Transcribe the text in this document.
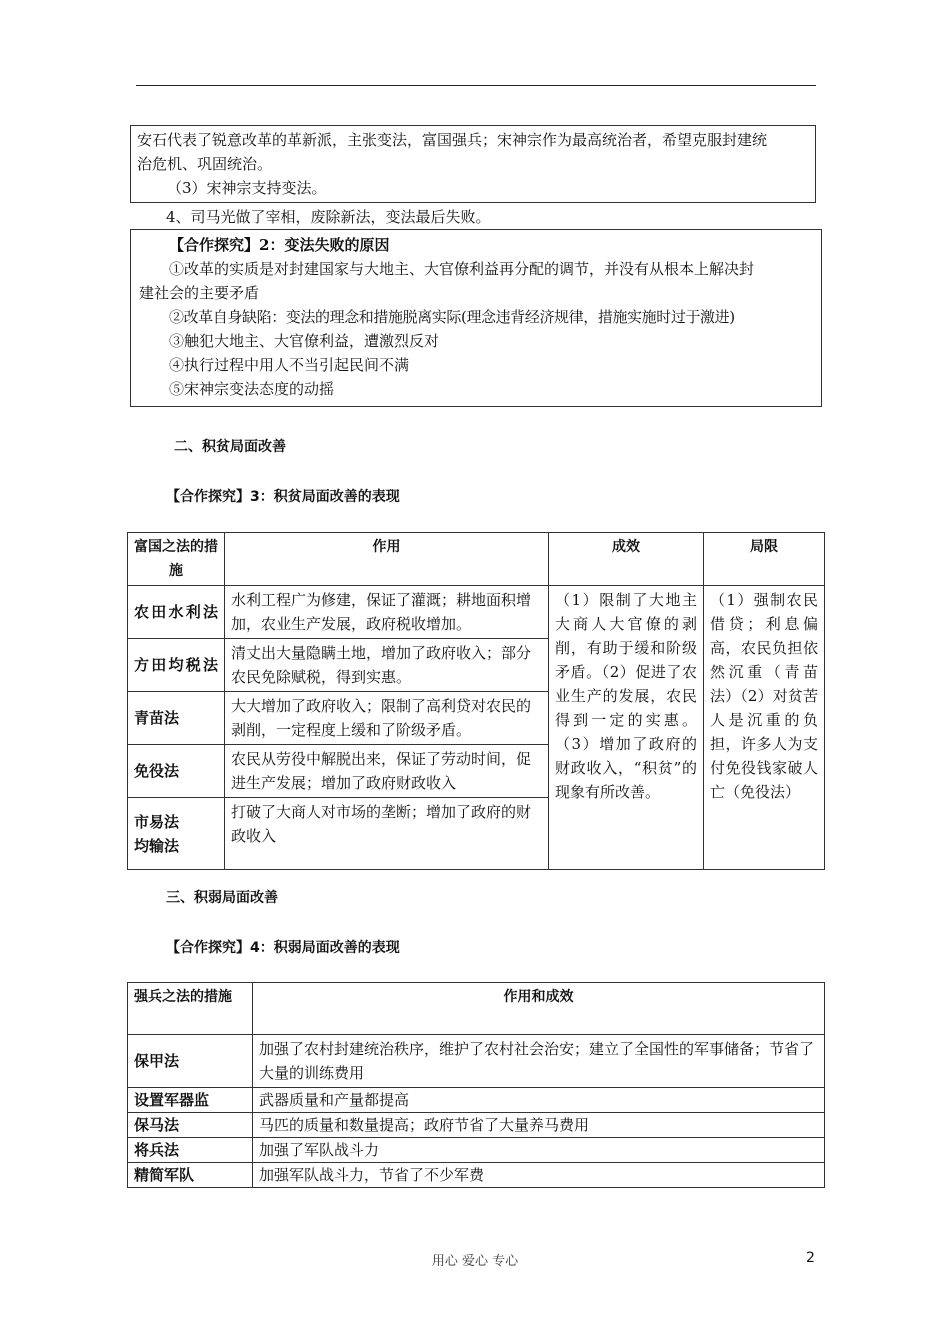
安石代表了锐意改革的革新派，主张变法，富国强兵；宋神宗作为最高统治者，希望克服封建统

治危机、巩固统治。

（3）宋神宗支持变法。

4、司马光做了宰相，废除新法，变法最后失败。

【合作探究】2：变法失败的原因

①改革的实质是对封建国家与大地主、大官僚利益再分配的调节，并没有从根本上解决封

建社会的主要矛盾

②改革自身缺陷：变法的理念和措施脱离实际(理念违背经济规律，措施实施时过于激进)

③触犯大地主、大官僚利益，遭激烈反对

④执行过程中用人不当引起民间不满

⑤宋神宗变法态度的动摇

二、积贫局面改善

【合作探究】3：积贫局面改善的表现

富国之法的措施	作用	成效	局限
农田水利法	水利工程广为修建，保证了灌溉；耕地面积增加，农业生产发展，政府税收增加。	（1）限制了大地主大商人大官僚的剥削，有助于缓和阶级矛盾。（2）促进了农业生产的发展，农民得到一定的实惠。（3）增加了政府的财政收入，“积贫”的现象有所改善。	（1）强制农民借贷；利息偏高，农民负担依然沉重（青苗法）（2）对贫苦人是沉重的负担，许多人为支付免役钱家破人亡（免役法）
方田均税法	清丈出大量隐瞒土地，增加了政府收入；部分农民免除赋税，得到实惠。		
青苗法	大大增加了政府收入；限制了高利贷对农民的剥削，一定程度上缓和了阶级矛盾。		
免役法	农民从劳役中解脱出来，保证了劳动时间，促进生产发展；增加了政府财政收入		
市易法
均输法	打破了大商人对市场的垄断；增加了政府的财政收入		

三、积弱局面改善

【合作探究】4：积弱局面改善的表现

强兵之法的措施	作用和成效
保甲法	加强了农村封建统治秩序，维护了农村社会治安；建立了全国性的军事储备；节省了大量的训练费用
设置军器监	武器质量和产量都提高
保马法	马匹的质量和数量提高；政府节省了大量养马费用
将兵法	加强了军队战斗力
精简军队	加强军队战斗力，节省了不少军费
用心 爱心 专心	2
